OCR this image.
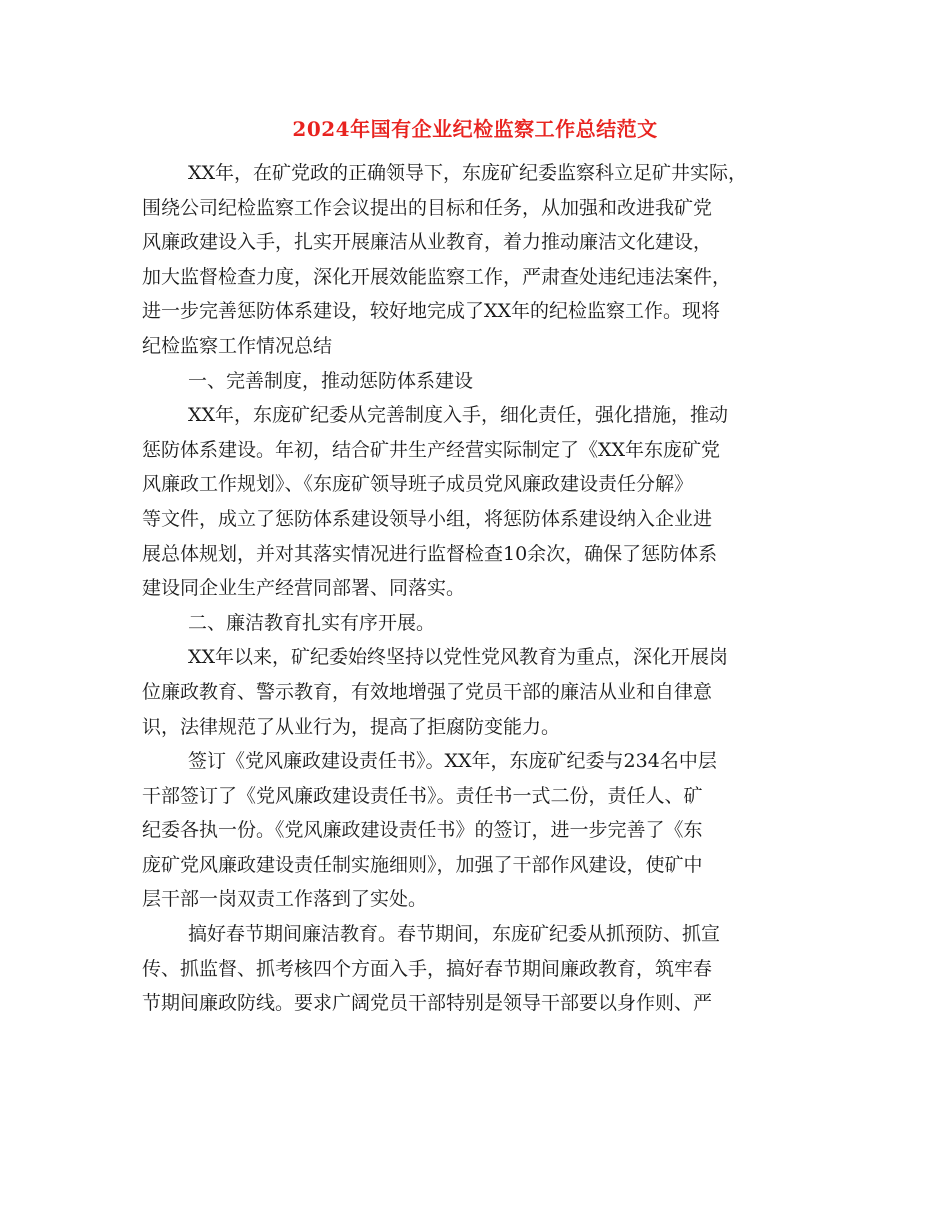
2024年国有企业纪检监察工作总结范文
XX年，在矿党政的正确领导下，东庞矿纪委监察科立足矿井实际，
围绕公司纪检监察工作会议提出的目标和任务，从加强和改进我矿党
风廉政建设入手，扎实开展廉洁从业教育，着力推动廉洁文化建设，
加大监督检查力度，深化开展效能监察工作，严肃查处违纪违法案件，
进一步完善惩防体系建设，较好地完成了XX年的纪检监察工作。现将
纪检监察工作情况总结
一、完善制度，推动惩防体系建设
XX年，东庞矿纪委从完善制度入手，细化责任，强化措施，推动
惩防体系建设。年初，结合矿井生产经营实际制定了《XX年东庞矿党
风廉政工作规划》、《东庞矿领导班子成员党风廉政建设责任分解》
等文件，成立了惩防体系建设领导小组，将惩防体系建设纳入企业进
展总体规划，并对其落实情况进行监督检查10余次，确保了惩防体系
建设同企业生产经营同部署、同落实。
二、廉洁教育扎实有序开展。
XX年以来，矿纪委始终坚持以党性党风教育为重点，深化开展岗
位廉政教育、警示教育，有效地增强了党员干部的廉洁从业和自律意
识，法律规范了从业行为，提高了拒腐防变能力。
签订《党风廉政建设责任书》。XX年，东庞矿纪委与234名中层
干部签订了《党风廉政建设责任书》。责任书一式二份，责任人、矿
纪委各执一份。《党风廉政建设责任书》的签订，进一步完善了《东
庞矿党风廉政建设责任制实施细则》，加强了干部作风建设，使矿中
层干部一岗双责工作落到了实处。
搞好春节期间廉洁教育。春节期间，东庞矿纪委从抓预防、抓宣
传、抓监督、抓考核四个方面入手，搞好春节期间廉政教育，筑牢春
节期间廉政防线。要求广阔党员干部特别是领导干部要以身作则、严
